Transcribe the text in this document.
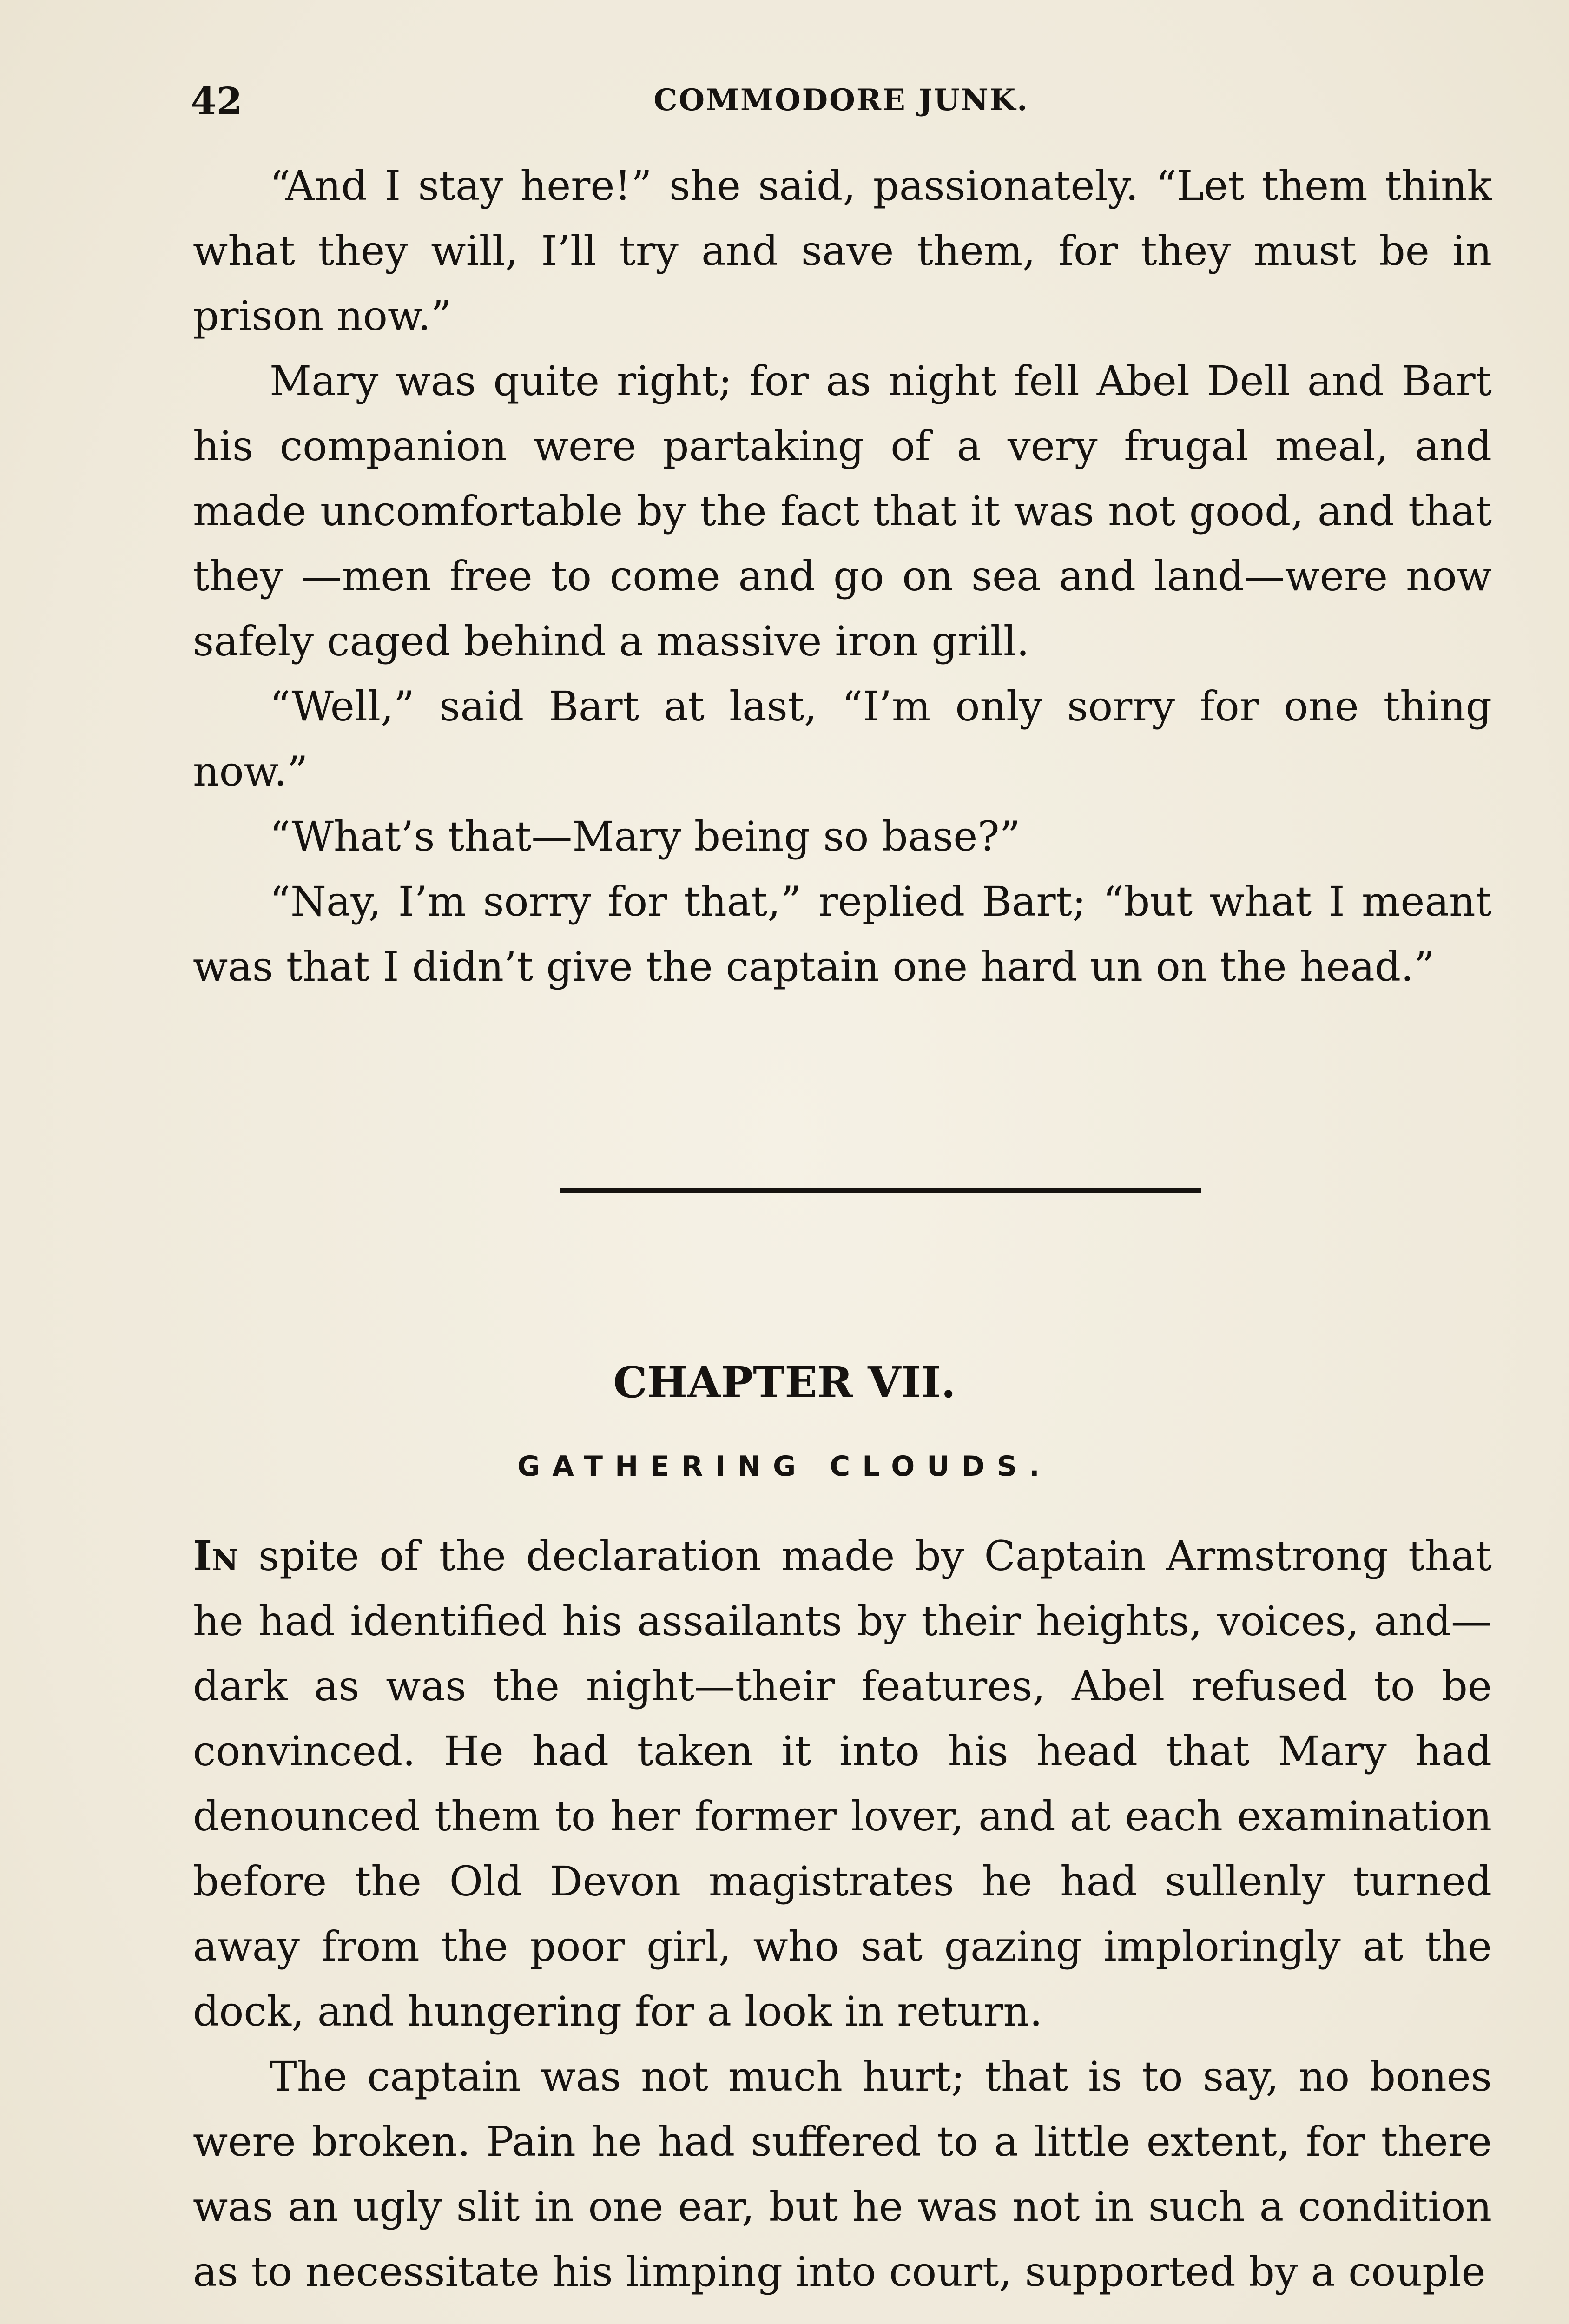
42	COMMODORE JUNK.

“And I stay here!” she said, passionately. “Let them think what they will, I’ll try and save them, for they must be in prison now.”

Mary was quite right; for as night fell Abel Dell and Bart his companion were partaking of a very frugal meal, and made uncomfortable by the fact that it was not good, and that they —men free to come and go on sea and land—were now safely caged behind a massive iron grill.

“Well,” said Bart at last, “I’m only sorry for one thing now.”

“What’s that—Mary being so base?”

“Nay, I’m sorry for that,” replied Bart; “but what I meant was that I didn’t give the captain one hard un on the head.”

CHAPTER VII.
GATHERING CLOUDS.

In spite of the declaration made by Captain Armstrong that he had identified his assailants by their heights, voices, and—dark as was the night—their features, Abel refused to be convinced. He had taken it into his head that Mary had denounced them to her former lover, and at each examination before the Old Devon magistrates he had sullenly turned away from the poor girl, who sat gazing imploringly at the dock, and hungering for a look in return.

The captain was not much hurt; that is to say, no bones were broken. Pain he had suffered to a little extent, for there was an ugly slit in one ear, but he was not in such a condition as to necessitate his limping into court, supported by a couple
